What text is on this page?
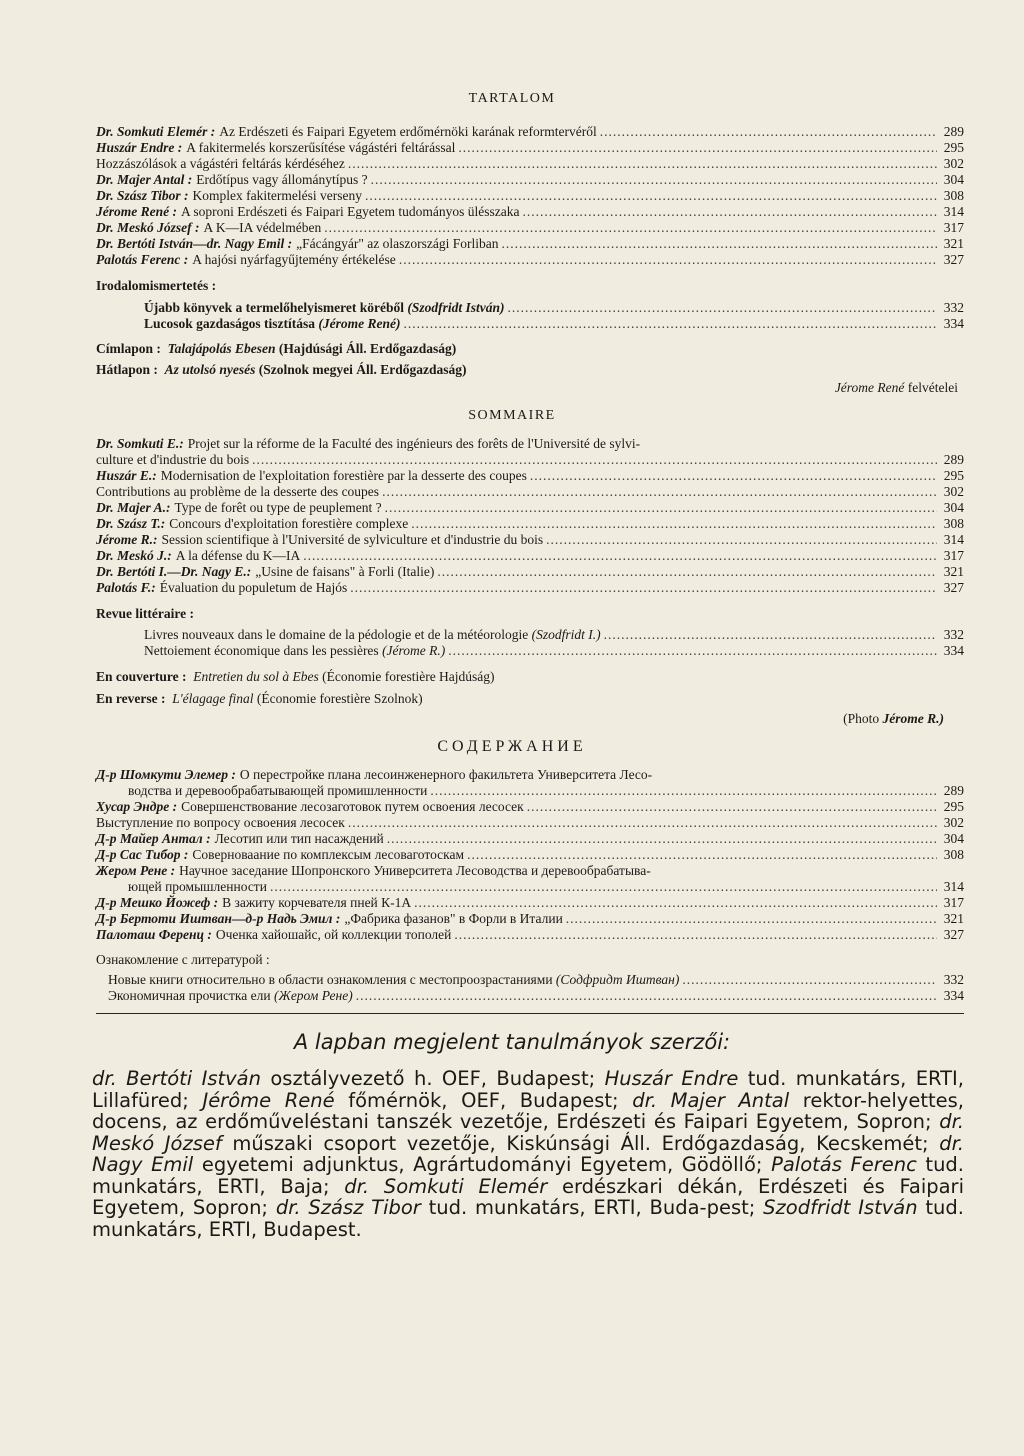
TARTALOM
Dr. Somkuti Elemér : Az Erdészeti és Faipari Egyetem erdőmérnöki karának reformtervéről .....	289
Huszár Endre : A fakitermelés korszerűsítése vágástéri feltárással .....	295
Hozzászólások a vágástéri feltárás kérdéséhez .....	302
Dr. Majer Antal : Erdőtípus vagy állománytípus ? .....	304
Dr. Szász Tibor : Komplex fakitermelési verseny .....	308
Jérome René : A soproni Erdészeti és Faipari Egyetem tudományos ülésszaka .....	314
Dr. Meskó József : A K—IA védelmében .....	317
Dr. Bertóti István—dr. Nagy Emil : „Fácángyár" az olaszországi Forliban .....	321
Palotás Ferenc : A hajósi nyárfagyűjtemény értékelése .....	327
Irodalomismertetés :
Újabb könyvek a termelőhelyismeret köréből
(Szodfridt István) .....	332
Lucosok gazdaságos tisztítása
(Jérome René) .....	334
Címlapon : Talajápolás Ebesen (Hajdúsági Áll. Erdőgazdaság)
Hátlapon : Az utolsó nyesés (Szolnok megyei Áll. Erdőgazdaság)
Jérome René felvételei
SOMMAIRE
Dr. Somkuti E.: Projet sur la réforme de la Faculté des ingénieurs des forêts de l'Université de sylvi-
culture et d'industrie du bois .....	289
Huszár E.: Modernisation de l'exploitation forestière par la desserte des coupes .....	295
Contributions au problème de la desserte des coupes .....	302
Dr. Majer A.: Type de forêt ou type de peuplement ? .....	304
Dr. Szász T.: Concours d'exploitation forestière complexe .....	308
Jérome R.: Session scientifique à l'Université de sylviculture et d'industrie du bois .....	314
Dr. Meskó J.: A la défense du K—IA .....	317
Dr. Bertóti I.—Dr. Nagy E.: „Usine de faisans" à Forli (Italie) .....	321
Palotás F.: Évaluation du populetum de Hajós .....	327
Revue littéraire :
Livres nouveaux dans le domaine de la pédologie et de la météorologie
(Szodfridt I.) .....	332
Nettoiement économique dans les pessières
(Jérome R.) .....	334
En couverture : Entretien du sol à Ebes (Économie forestière Hajdúság)
En reverse : L'élagage final (Économie forestière Szolnok)
(Photo Jérome R.)
СОДЕРЖАНИЕ
Д-р Шомкути Элемер : О перестройке плана лесоинженерного факильтета Университета Лесо-
водства и деревообрабатывающей промишленности .....	289
Хусар Эндре : Совершенствование лесозаготовок путем освоения лесосек .....	295
Выступление по вопросу освоения лесосек .....	302
Д-р Майер Антал : Лесотип или тип насаждений .....	304
Д-р Сас Тибор : Соверноваание по комплексым лесоваготоскам .....	308
Жером Рене : Научное заседание Шопронского Университета Лесоводства и деревообрабатыва-
ющей промышленности .....	314
Д-р Мешко Йожеф : В зажиту корчевателя пней К-1А .....	317
Д-р Бертоти Иштван—д-р Надь Эмил : „Фабрика фазанов" в Форли в Италии .....	321
Палоташ Ференц : Оченка хайошайс, ой коллекции тополей .....	327
Ознакомление с литературой :
Новые книги относительно в области ознакомления с местопроозрастаниями
(Содфридт Иштван) .....	332
Экономичная прочистка ели
(Жером Рене) .....	334
A lapban megjelent tanulmányok szerzői:
dr. Bertóti István osztályvezető h. OEF, Budapest; Huszár Endre tud. munkatárs, ERTI, Lillafüred; Jérôme René főmérnök, OEF, Budapest; dr. Majer Antal rektor-helyettes, docens, az erdőműveléstani tanszék vezetője, Erdészeti és Faipari Egyetem, Sopron; dr. Meskó József műszaki csoport vezetője, Kiskúnsági Áll. Erdőgazdaság, Kecskemét; dr. Nagy Emil egyetemi adjunktus, Agrártudományi Egyetem, Gödöllő; Palotás Ferenc tud. munkatárs, ERTI, Baja; dr. Somkuti Elemér erdészkari dékán, Erdészeti és Faipari Egyetem, Sopron; dr. Szász Tibor tud. munkatárs, ERTI, Buda-pest; Szodfridt István tud. munkatárs, ERTI, Budapest.
